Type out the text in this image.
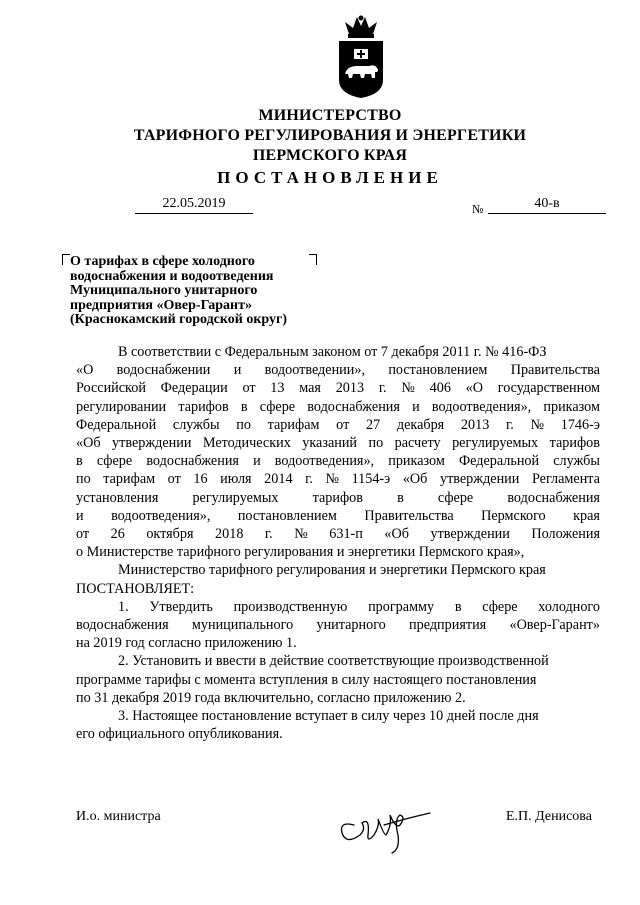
МИНИСТЕРСТВО
ТАРИФНОГО РЕГУЛИРОВАНИЯ И ЭНЕРГЕТИКИ
ПЕРМСКОГО КРАЯ
ПОСТАНОВЛЕНИЕ
22.05.2019	№	40-в
О тарифах в сфере холодного
водоснабжения и водоотведения
Муниципального унитарного
предприятия «Овер-Гарант»
(Краснокамский городской округ)
В соответствии с Федеральным законом от 7 декабря 2011 г. № 416-ФЗ
«О водоснабжении и водоотведении», постановлением Правительства
Российской Федерации от 13 мая 2013 г. № 406 «О государственном
регулировании тарифов в сфере водоснабжения и водоотведения», приказом
Федеральной службы по тарифам от 27 декабря 2013 г. № 1746-э
«Об утверждении Методических указаний по расчету регулируемых тарифов
в сфере водоснабжения и водоотведения», приказом Федеральной службы
по тарифам от 16 июля 2014 г. № 1154-э «Об утверждении Регламента
установления регулируемых тарифов в сфере водоснабжения
и водоотведения», постановлением Правительства Пермского края
от 26 октября 2018 г. № 631-п «Об утверждении Положения
о Министерстве тарифного регулирования и энергетики Пермского края»,
Министерство тарифного регулирования и энергетики Пермского края
ПОСТАНОВЛЯЕТ:
1. Утвердить производственную программу в сфере холодного
водоснабжения муниципального унитарного предприятия «Овер-Гарант»
на 2019 год согласно приложению 1.
2. Установить и ввести в действие соответствующие производственной
программе тарифы с момента вступления в силу настоящего постановления
по 31 декабря 2019 года включительно, согласно приложению 2.
3. Настоящее постановление вступает в силу через 10 дней после дня
его официального опубликования.
И.о. министра	Е.П. Денисова
